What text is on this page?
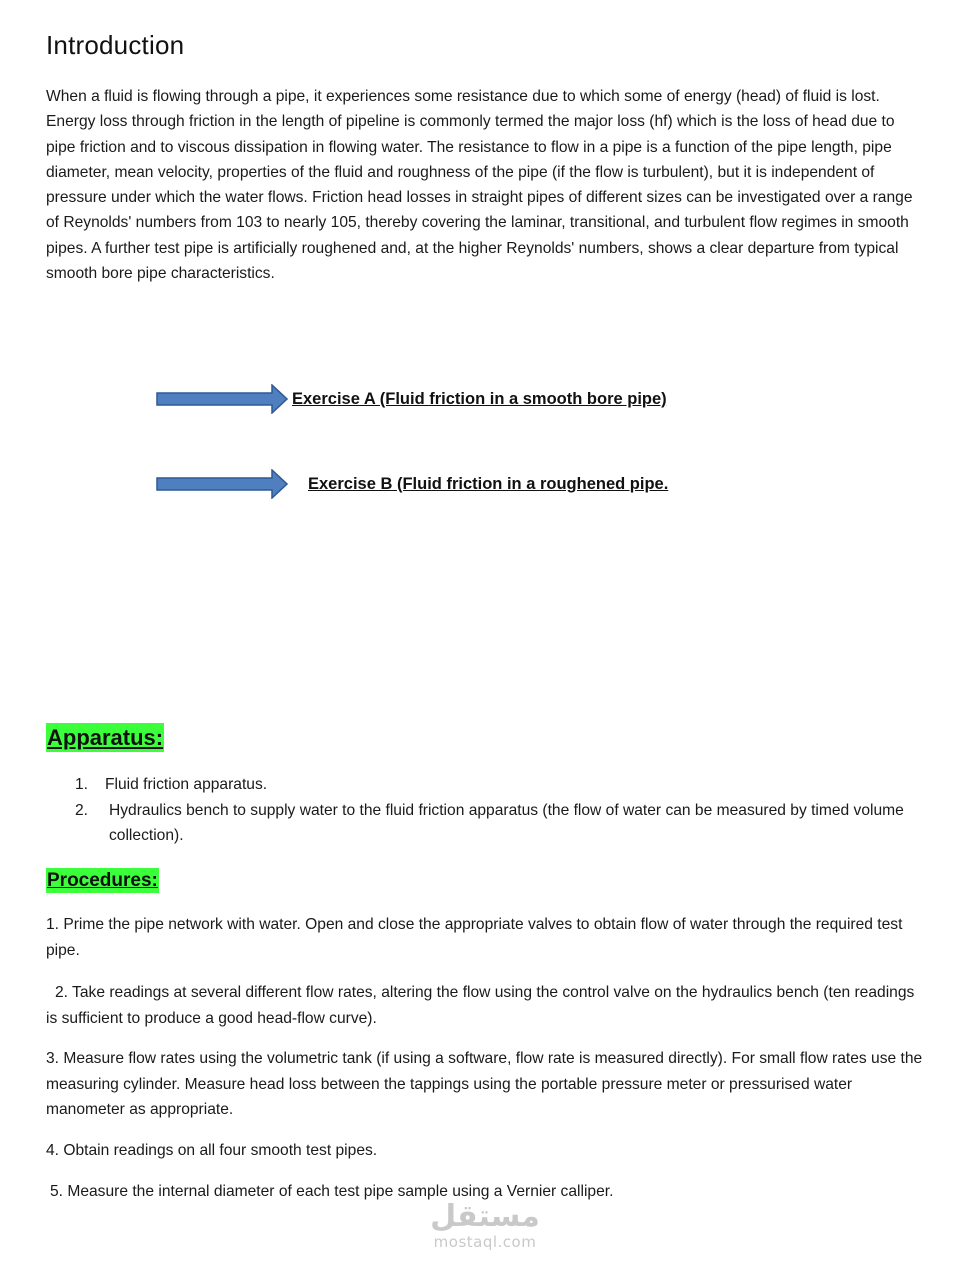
Introduction

When a fluid is flowing through a pipe, it experiences some resistance due to which some of energy (head) of fluid is lost. Energy loss through friction in the length of pipeline is commonly termed the major loss (hf) which is the loss of head due to pipe friction and to viscous dissipation in flowing water. The resistance to flow in a pipe is a function of the pipe length, pipe diameter, mean velocity, properties of the fluid and roughness of the pipe (if the flow is turbulent), but it is independent of pressure under which the water flows. Friction head losses in straight pipes of different sizes can be investigated over a range of Reynolds' numbers from 103 to nearly 105, thereby covering the laminar, transitional, and turbulent flow regimes in smooth pipes. A further test pipe is artificially roughened and, at the higher Reynolds' numbers, shows a clear departure from typical smooth bore pipe characteristics.

Exercise A (Fluid friction in a smooth bore pipe)
Exercise B (Fluid friction in a roughened pipe.
Apparatus:
1.	Fluid friction apparatus.
2.	Hydraulics bench to supply water to the fluid friction apparatus (the flow of water can be measured by timed volume collection).
Procedures:

1. Prime the pipe network with water. Open and close the appropriate valves to obtain flow of water through the required test pipe.

2. Take readings at several different flow rates, altering the flow using the control valve on the hydraulics bench (ten readings is sufficient to produce a good head-flow curve).

3. Measure flow rates using the volumetric tank (if using a software, flow rate is measured directly). For small flow rates use the measuring cylinder. Measure head loss between the tappings using the portable pressure meter or pressurised water manometer as appropriate.

4. Obtain readings on all four smooth test pipes.

5. Measure the internal diameter of each test pipe sample using a Vernier calliper.

مستقل
mostaql.com
